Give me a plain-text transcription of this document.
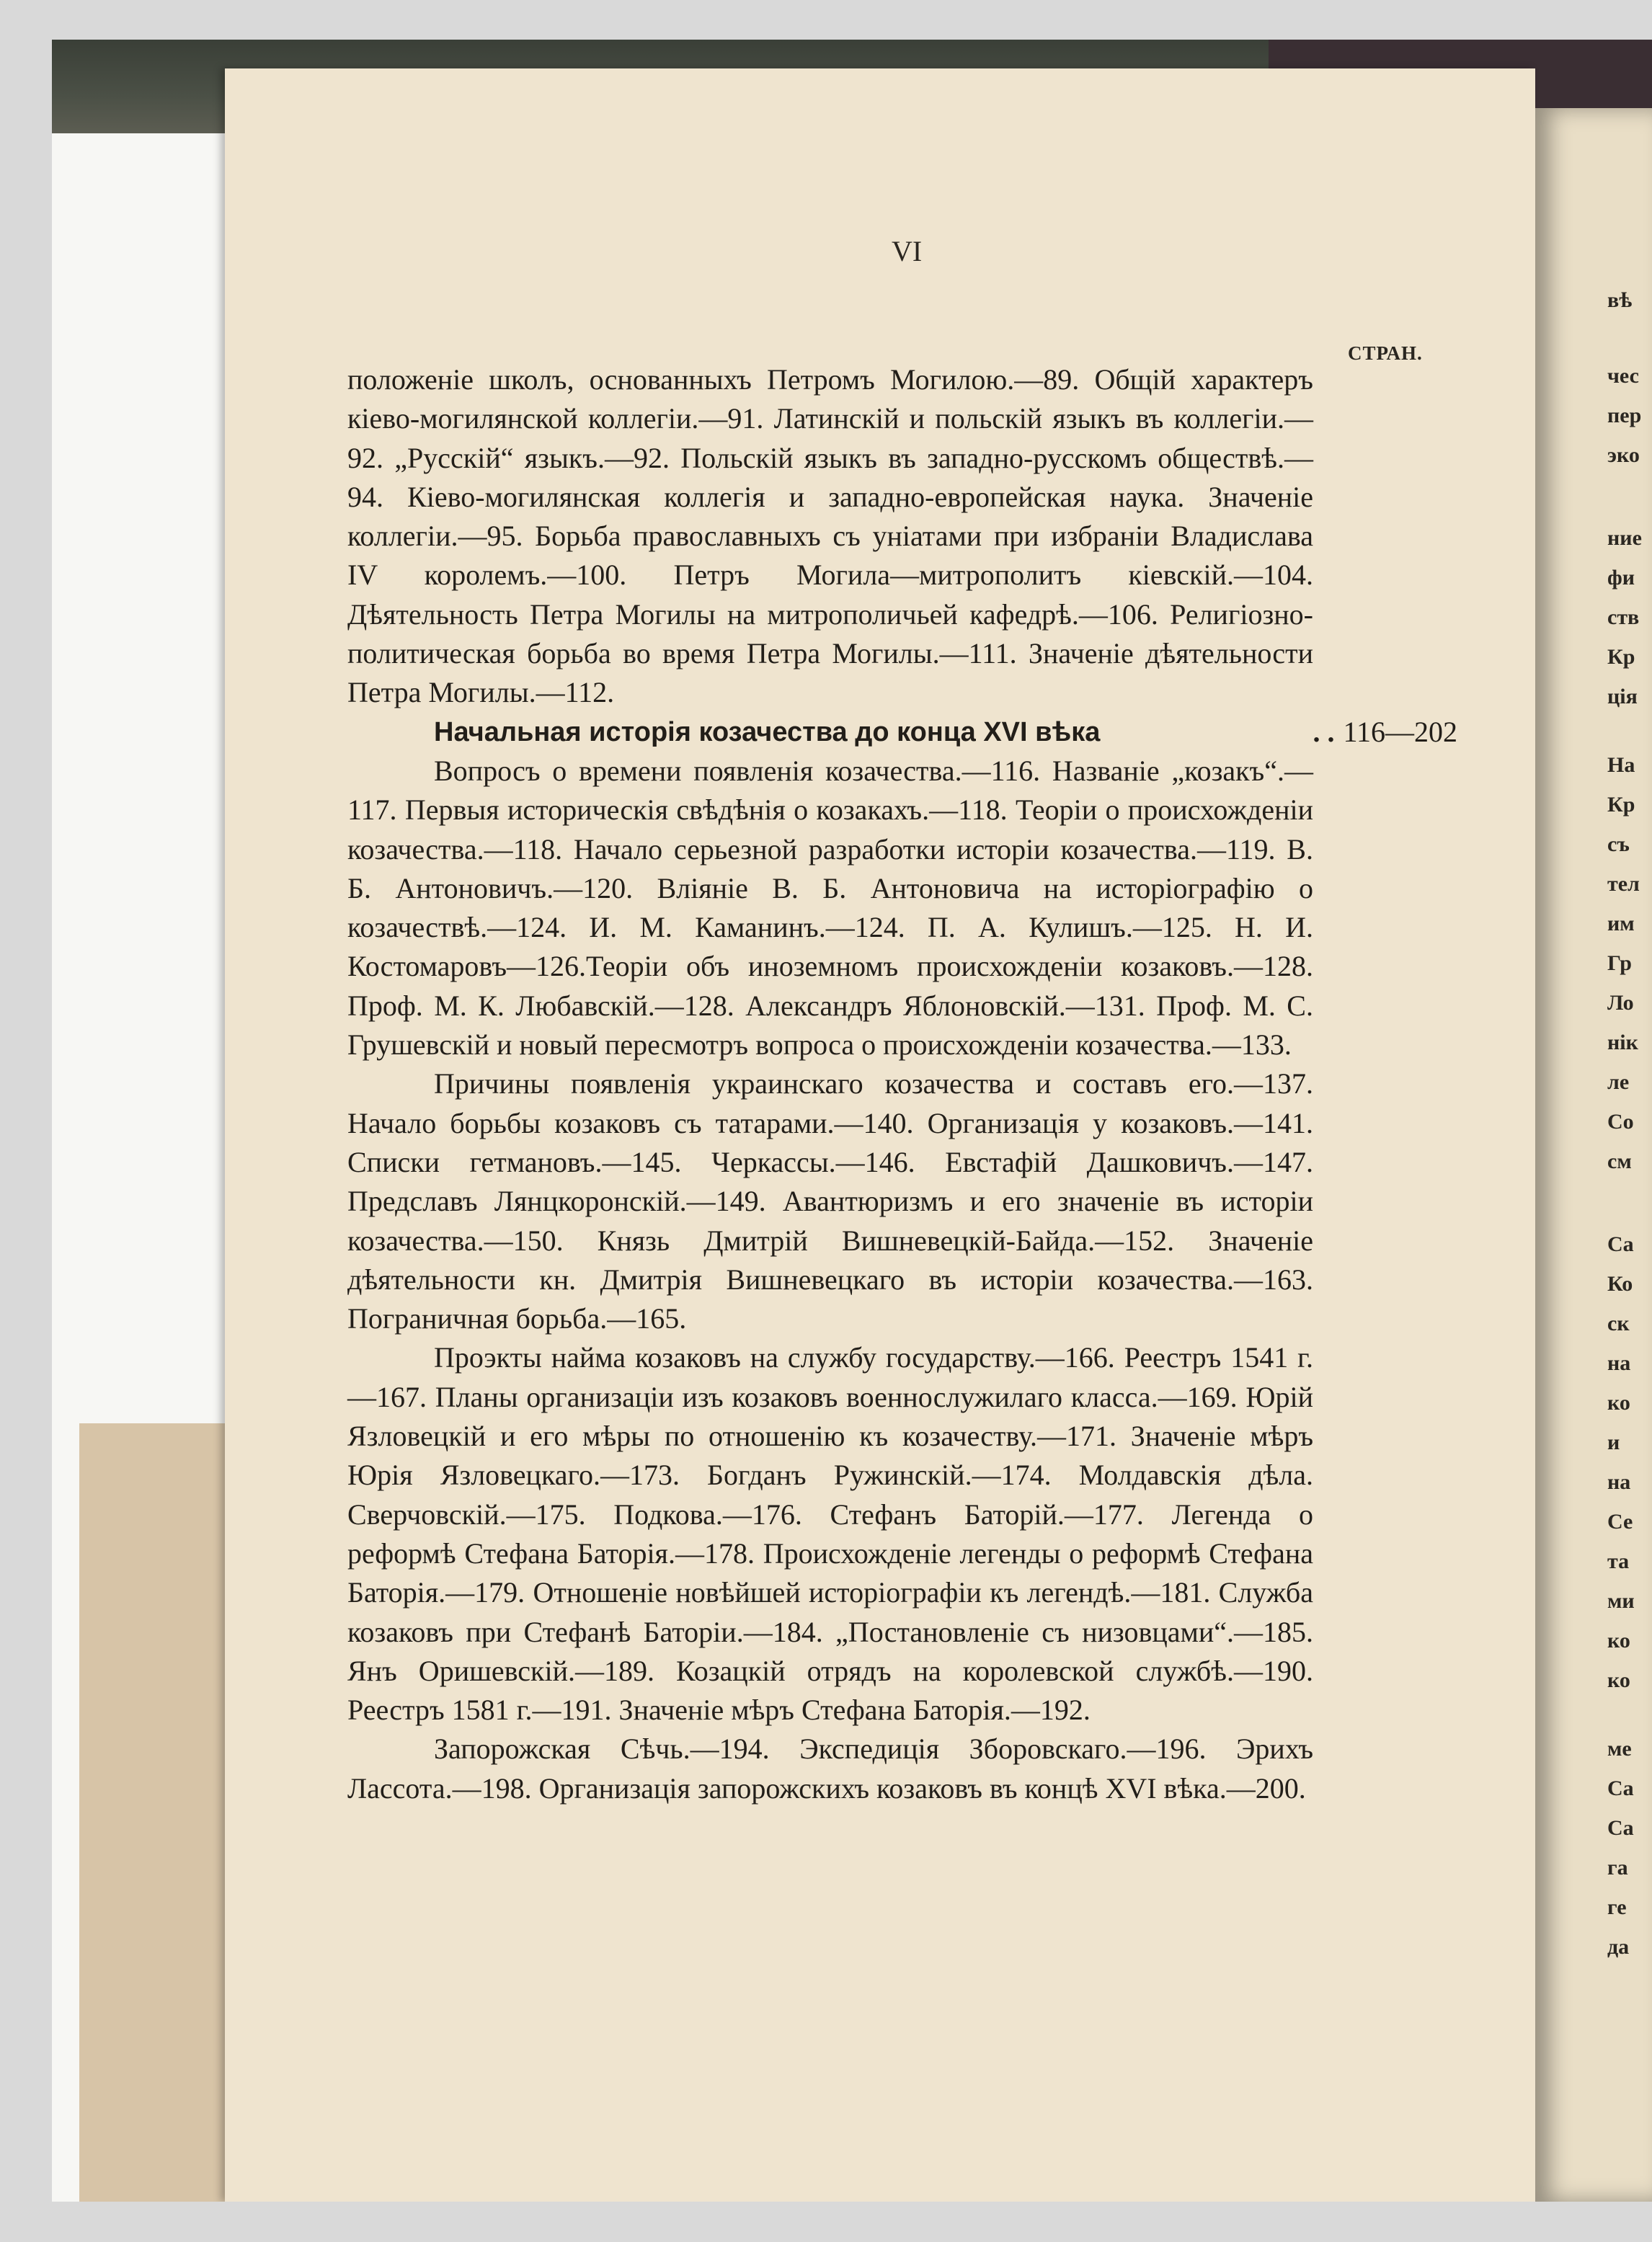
вѣ
чес
пер
эко
ние
фи
ств
Кр
цiя
На
Кр
съ
тел
им
Гр
Ло
нiк
ле
Со
см
Са
Ко
ск
на
ко
и
на
Се
та
ми
ко
ко
ме
Са
Са
га
ге
да
VI
СТРАН.

положенiе школъ, основанныхъ Петромъ Могилою.—89. Общiй характеръ кiево-могилянской коллегiи.—91. Латинскiй и польскiй языкъ въ коллегiи.—92. „Русскiй“ языкъ.—92. Польскiй языкъ въ западно-русскомъ обществѣ.—94. Кiево-могилянская коллегiя и западно-европейская наука. Значенiе коллегiи.—95. Борьба православныхъ съ унiатами при избранiи Владислава IV королемъ.—100. Петръ Могила—митрополитъ кiевскiй.—104. Дѣятельность Петра Могилы на митрополичьей кафедрѣ.—106. Религiозно-политическая борьба во время Петра Могилы.—111. Значенiе дѣятельности Петра Могилы.—112.

Начальная исторiя козачества до конца XVI вѣка	. . 116—202

Вопросъ о времени появленiя козачества.—116. Названiе „козакъ“.—117. Первыя историческiя свѣдѣнiя о козакахъ.—118. Теорiи о происхожденiи козачества.—118. Начало серьезной разработки исторiи козачества.—119. В. Б. Антоновичъ.—120. Влiянiе В. Б. Антоновича на исторiографiю о козачествѣ.—124. И. М. Каманинъ.—124. П. А. Кулишъ.—125. Н. И. Костомаровъ—126.Теорiи объ иноземномъ происхожденiи козаковъ.—128. Проф. М. К. Любавскiй.—128. Александръ Яблоновскiй.—131. Проф. М. С. Грушевскiй и новый пересмотръ вопроса о происхожденiи козачества.—133.

Причины появленiя украинскаго козачества и составъ его.—137. Начало борьбы козаковъ съ татарами.—140. Организацiя у козаковъ.—141. Списки гетмановъ.—145. Черкассы.—146. Евстафiй Дашковичъ.—147. Предславъ Лянцкоронскiй.—149. Авантюризмъ и его значенiе въ исторiи козачества.—150. Князь Дмитрiй Вишневецкiй-Байда.—152. Значенiе дѣятельности кн. Дмитрiя Вишневецкаго въ исторiи козачества.—163. Пограничная борьба.—165.

Проэкты найма козаковъ на службу государству.—166. Реестръ 1541 г.—167. Планы организацiи изъ козаковъ военнослужилаго класса.—169. Юрiй Язловецкiй и его мѣры по отношенiю къ козачеству.—171. Значенiе мѣръ Юрiя Язловецкаго.—173. Богданъ Ружинскiй.—174. Молдавскiя дѣла. Сверчовскiй.—175. Подкова.—176. Стефанъ Баторiй.—177. Легенда о реформѣ Стефана Баторiя.—178. Происхожденiе легенды о реформѣ Стефана Баторiя.—179. Отношенiе новѣйшей исторiографiи къ легендѣ.—181. Служба козаковъ при Стефанѣ Баторiи.—184. „Постановленiе съ низовцами“.—185. Янъ Оришевскiй.—189. Козацкiй отрядъ на королевской службѣ.—190. Реестръ 1581 г.—191. Значенiе мѣръ Стефана Баторiя.—192.

Запорожская Сѣчь.—194. Экспедицiя Зборовскаго.—196. Эрихъ Лассота.—198. Организацiя запорожскихъ козаковъ въ концѣ XVI вѣка.—200.
